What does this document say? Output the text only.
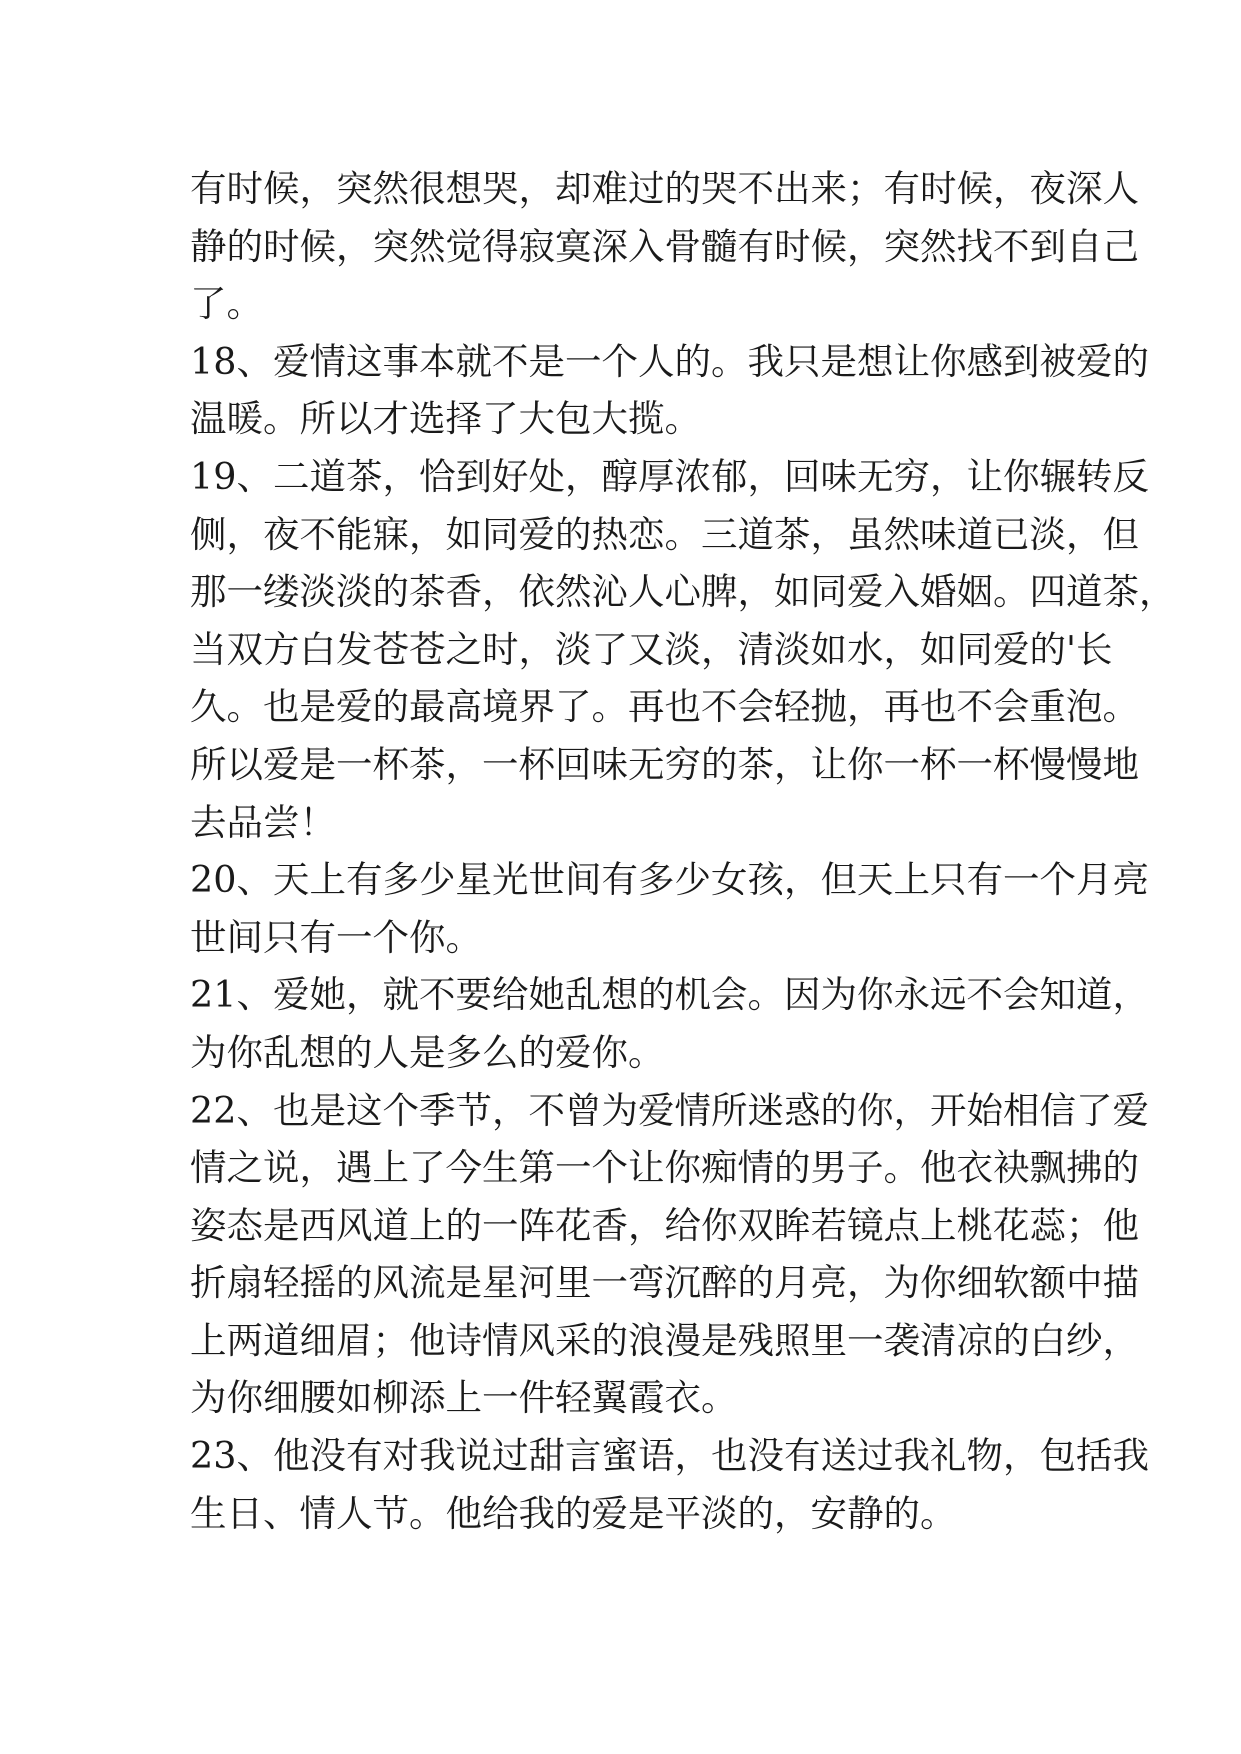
有时候，突然很想哭，却难过的哭不出来；有时候，夜深人
静的时候，突然觉得寂寞深入骨髓有时候，突然找不到自己
了。
18、爱情这事本就不是一个人的。我只是想让你感到被爱的
温暖。所以才选择了大包大揽。
19、二道茶，恰到好处，醇厚浓郁，回味无穷，让你辗转反
侧，夜不能寐，如同爱的热恋。三道茶，虽然味道已淡，但
那一缕淡淡的茶香，依然沁人心脾，如同爱入婚姻。四道茶，
当双方白发苍苍之时，淡了又淡，清淡如水，如同爱的'长
久。也是爱的最高境界了。再也不会轻抛，再也不会重泡。
所以爱是一杯茶，一杯回味无穷的茶，让你一杯一杯慢慢地
去品尝！
20、天上有多少星光世间有多少女孩，但天上只有一个月亮
世间只有一个你。
21、爱她，就不要给她乱想的机会。因为你永远不会知道，
为你乱想的人是多么的爱你。
22、也是这个季节，不曾为爱情所迷惑的你，开始相信了爱
情之说，遇上了今生第一个让你痴情的男子。他衣袂飘拂的
姿态是西风道上的一阵花香，给你双眸若镜点上桃花蕊；他
折扇轻摇的风流是星河里一弯沉醉的月亮，为你细软额中描
上两道细眉；他诗情风采的浪漫是残照里一袭清凉的白纱，
为你细腰如柳添上一件轻翼霞衣。
23、他没有对我说过甜言蜜语，也没有送过我礼物，包括我
生日、情人节。他给我的爱是平淡的，安静的。
